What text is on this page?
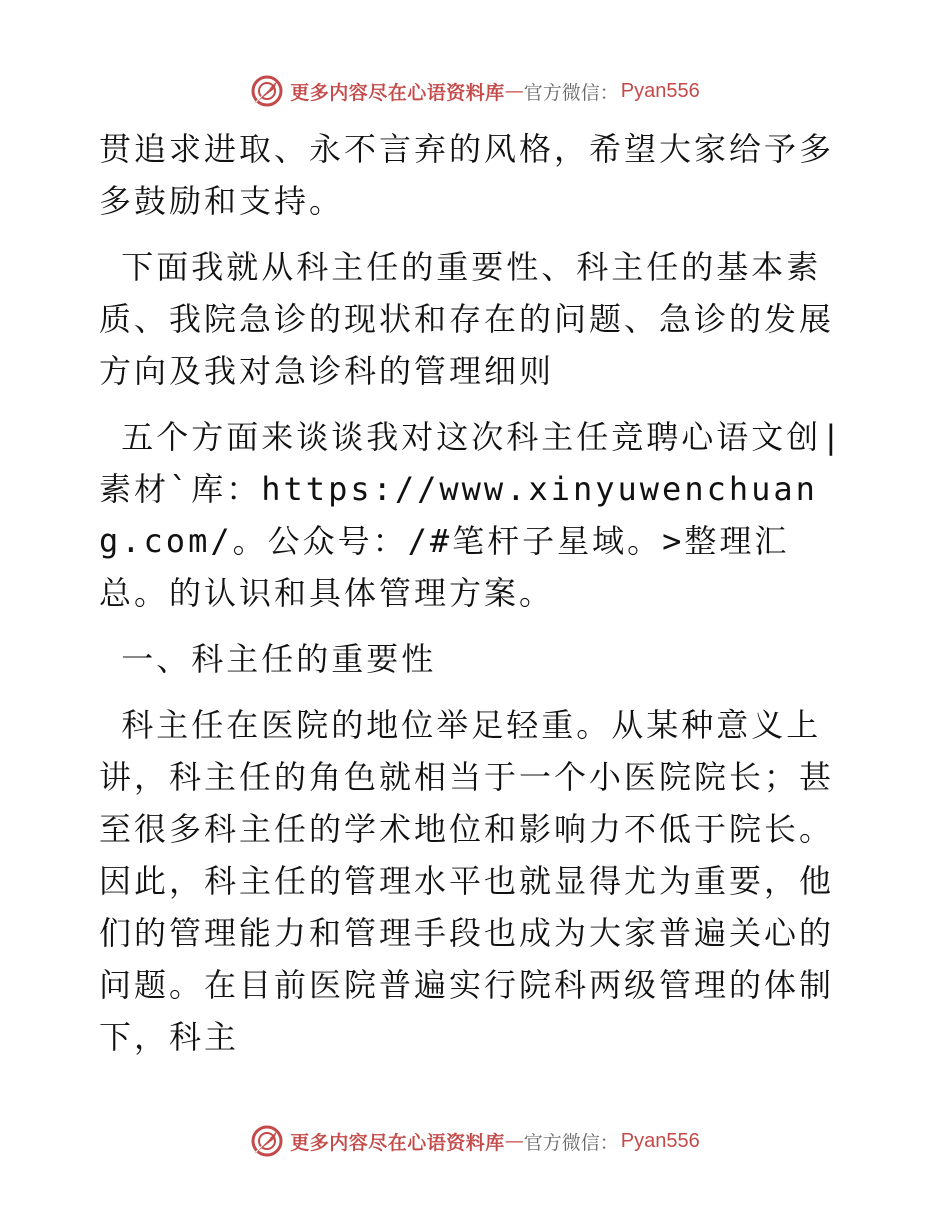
更多内容尽在心语资料库 — 官方微信： Pyan556

贯追求进取、永不言弃的风格，希望大家给予多多鼓励和支持。

下面我就从科主任的重要性、科主任的基本素
质、我院急诊的现状和存在的问题、急诊的发展方向及我对急诊科的管理细则

五个方面来谈谈我对这次科主任竞聘心语文创|素材`库：https://www.xinyuwenchuang.com/。公众号：/#笔杆子星域。>整理汇总。的认识和具体管理方案。

一、科主任的重要性

科主任在医院的地位举足轻重。从某种意义上
讲，科主任的角色就相当于一个小医院院长；甚至很多科主任的学术地位和影响力不低于院长。因此，科主任的管理水平也就显得尤为重要，他们的管理能力和管理手段也成为大家普遍关心的问题。在目前医院普遍实行院科两级管理的体制下，科主

更多内容尽在心语资料库 — 官方微信： Pyan556
